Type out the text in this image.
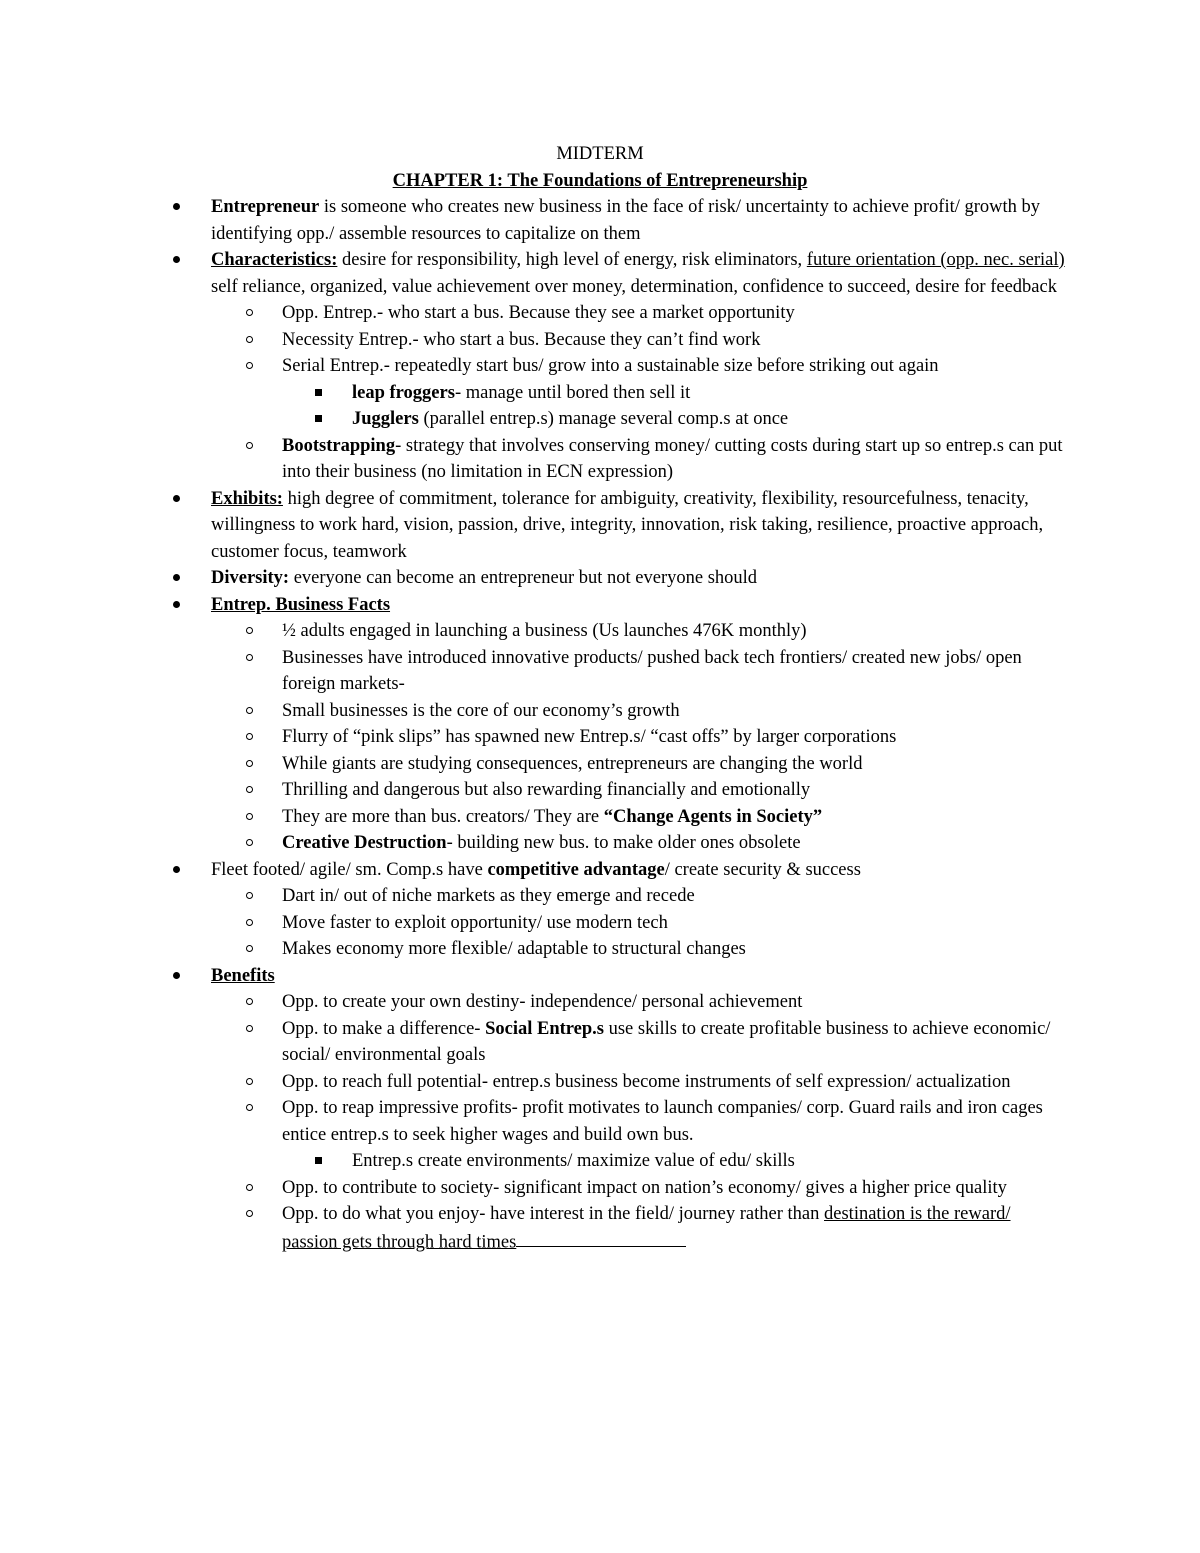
MIDTERM
CHAPTER 1: The Foundations of Entrepreneurship
Entrepreneur is someone who creates new business in the face of risk/ uncertainty to achieve profit/ growth by identifying opp./ assemble resources to capitalize on them
Characteristics: desire for responsibility, high level of energy, risk eliminators, future orientation (opp. nec. serial) self reliance, organized, value achievement over money, determination, confidence to succeed, desire for feedback
Opp. Entrep.- who start a bus. Because they see a market opportunity
Necessity Entrep.- who start a bus. Because they can’t find work
Serial Entrep.- repeatedly start bus/ grow into a sustainable size before striking out again
leap froggers- manage until bored then sell it
Jugglers (parallel entrep.s) manage several comp.s at once
Bootstrapping- strategy that involves conserving money/ cutting costs during start up so entrep.s can put into their business (no limitation in ECN expression)
Exhibits: high degree of commitment, tolerance for ambiguity, creativity, flexibility, resourcefulness, tenacity, willingness to work hard, vision, passion, drive, integrity, innovation, risk taking, resilience, proactive approach, customer focus, teamwork
Diversity: everyone can become an entrepreneur but not everyone should
Entrep. Business Facts
½ adults engaged in launching a business (Us launches 476K monthly)
Businesses have introduced innovative products/ pushed back tech frontiers/ created new jobs/ open foreign markets-
Small businesses is the core of our economy’s growth
Flurry of “pink slips” has spawned new Entrep.s/ “cast offs” by larger corporations
While giants are studying consequences, entrepreneurs are changing the world
Thrilling and dangerous but also rewarding financially and emotionally
They are more than bus. creators/ They are “Change Agents in Society”
Creative Destruction- building new bus. to make older ones obsolete
Fleet footed/ agile/ sm. Comp.s have competitive advantage/ create security & success
Dart in/ out of niche markets as they emerge and recede
Move faster to exploit opportunity/ use modern tech
Makes economy more flexible/ adaptable to structural changes
Benefits
Opp. to create your own destiny- independence/ personal achievement
Opp. to make a difference- Social Entrep.s use skills to create profitable business to achieve economic/ social/ environmental goals
Opp. to reach full potential- entrep.s business become instruments of self expression/ actualization
Opp. to reap impressive profits- profit motivates to launch companies/ corp. Guard rails and iron cages entice entrep.s to seek higher wages and build own bus.
Entrep.s create environments/ maximize value of edu/ skills
Opp. to contribute to society- significant impact on nation’s economy/ gives a higher price quality
Opp. to do what you enjoy- have interest in the field/ journey rather than destination is the reward/ passion gets through hard times
